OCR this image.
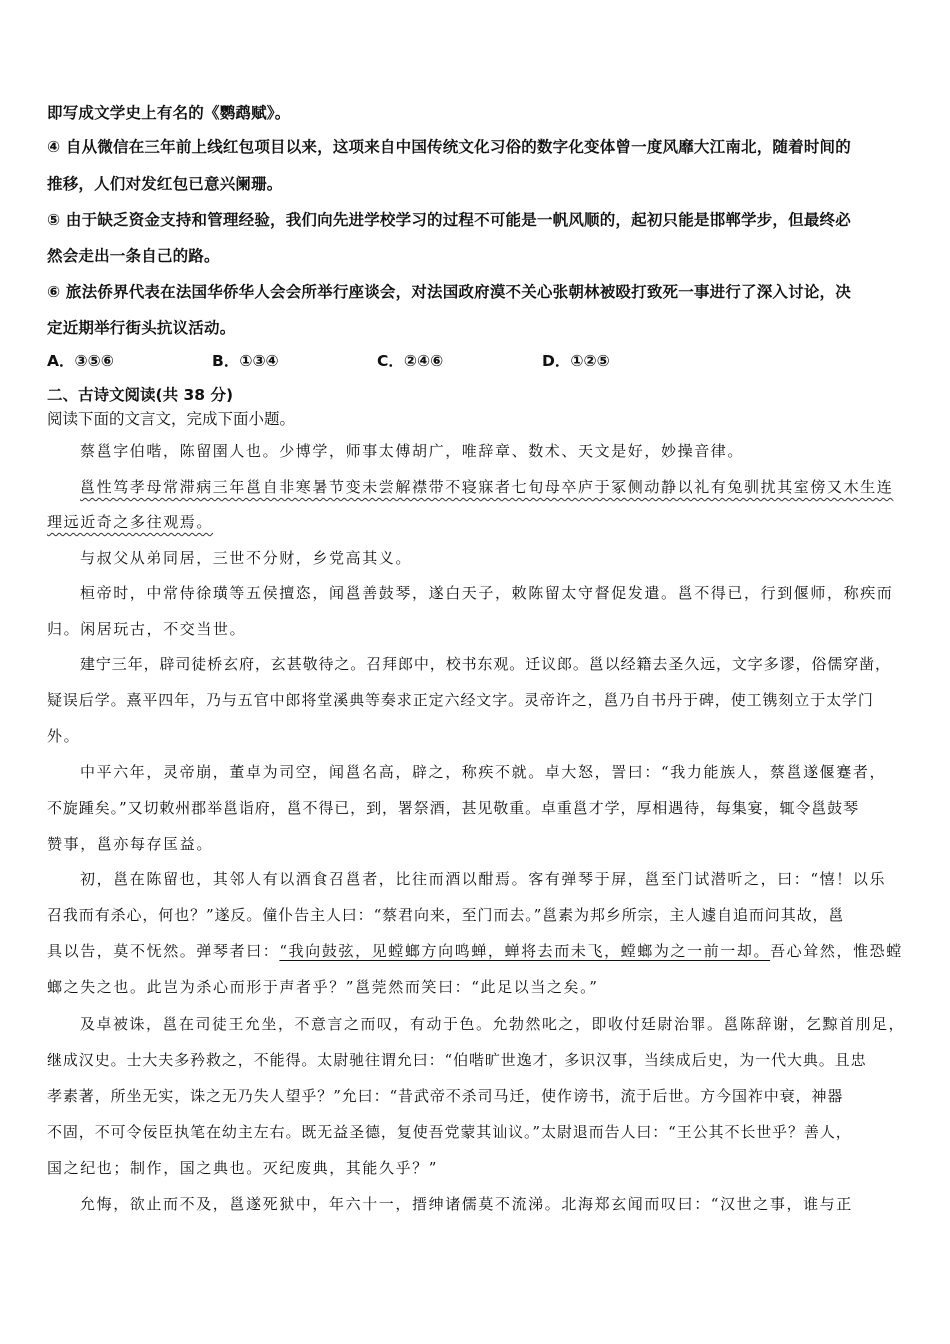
即写成文学史上有名的《鹦鹉赋》。
④ 自从微信在三年前上线红包项目以来，这项来自中国传统文化习俗的数字化变体曾一度风靡大江南北，随着时间的
推移，人们对发红包已意兴阑珊。
⑤ 由于缺乏资金支持和管理经验，我们向先进学校学习的过程不可能是一帆风顺的，起初只能是邯郸学步，但最终必
然会走出一条自己的路。
⑥ 旅法侨界代表在法国华侨华人会会所举行座谈会，对法国政府漠不关心张朝林被殴打致死一事进行了深入讨论，决
定近期举行街头抗议活动。
A．③⑤⑥	B．①③④	C．②④⑥	D．①②⑤
二、古诗文阅读(共 38 分)
阅读下面的文言文，完成下面小题。
蔡邕字伯喈，陈留圉人也。少博学，师事太傅胡广，唯辞章、数术、天文是好，妙操音律。
邕性笃孝母常滞病三年邕自非寒暑节变未尝解襟带不寝寐者七旬母卒庐于冢侧动静以礼有兔驯扰其室傍又木生连
理远近奇之多往观焉。
与叔父从弟同居，三世不分财，乡党高其义。
桓帝时，中常侍徐璜等五侯擅恣，闻邕善鼓琴，遂白天子，敕陈留太守督促发遣。邕不得已，行到偃师，称疾而
归。闲居玩古，不交当世。
建宁三年，辟司徒桥玄府，玄甚敬待之。召拜郎中，校书东观。迁议郎。邕以经籍去圣久远，文字多谬，俗儒穿凿，
疑误后学。熹平四年，乃与五官中郎将堂溪典等奏求正定六经文字。灵帝许之，邕乃自书丹于碑，使工镌刻立于太学门
外。
中平六年，灵帝崩，董卓为司空，闻邕名高，辟之，称疾不就。卓大怒，詈曰：“我力能族人，蔡邕遂偃蹇者，
不旋踵矣。”又切敕州郡举邕诣府，邕不得已，到，署祭酒，甚见敬重。卓重邕才学，厚相遇待，每集宴，辄令邕鼓琴
赞事，邕亦每存匡益。
初，邕在陈留也，其邻人有以酒食召邕者，比往而酒以酣焉。客有弹琴于屏，邕至门试潜听之，曰：“憘！以乐
召我而有杀心，何也？”遂反。僮仆告主人曰：“蔡君向来，至门而去。”邕素为邦乡所宗，主人遽自追而问其故，邕
具以告，莫不怃然。弹琴者曰：“我向鼓弦，见螳螂方向鸣蝉，蝉将去而未飞，螳螂为之一前一却。吾心耸然，惟恐螳
螂之失之也。此岂为杀心而形于声者乎？”邕莞然而笑曰：“此足以当之矣。”
及卓被诛，邕在司徒王允坐，不意言之而叹，有动于色。允勃然叱之，即收付廷尉治罪。邕陈辞谢，乞黥首刖足，
继成汉史。士大夫多矜救之，不能得。太尉驰往谓允曰：“伯喈旷世逸才，多识汉事，当续成后史，为一代大典。且忠
孝素著，所坐无实，诛之无乃失人望乎？”允曰：“昔武帝不杀司马迁，使作谤书，流于后世。方今国祚中衰，神器
不固，不可令佞臣执笔在幼主左右。既无益圣德，复使吾党蒙其讪议。”太尉退而告人曰：“王公其不长世乎？善人，
国之纪也；制作，国之典也。灭纪废典，其能久乎？”
允悔，欲止而不及，邕遂死狱中，年六十一，搢绅诸儒莫不流涕。北海郑玄闻而叹曰：“汉世之事，谁与正
